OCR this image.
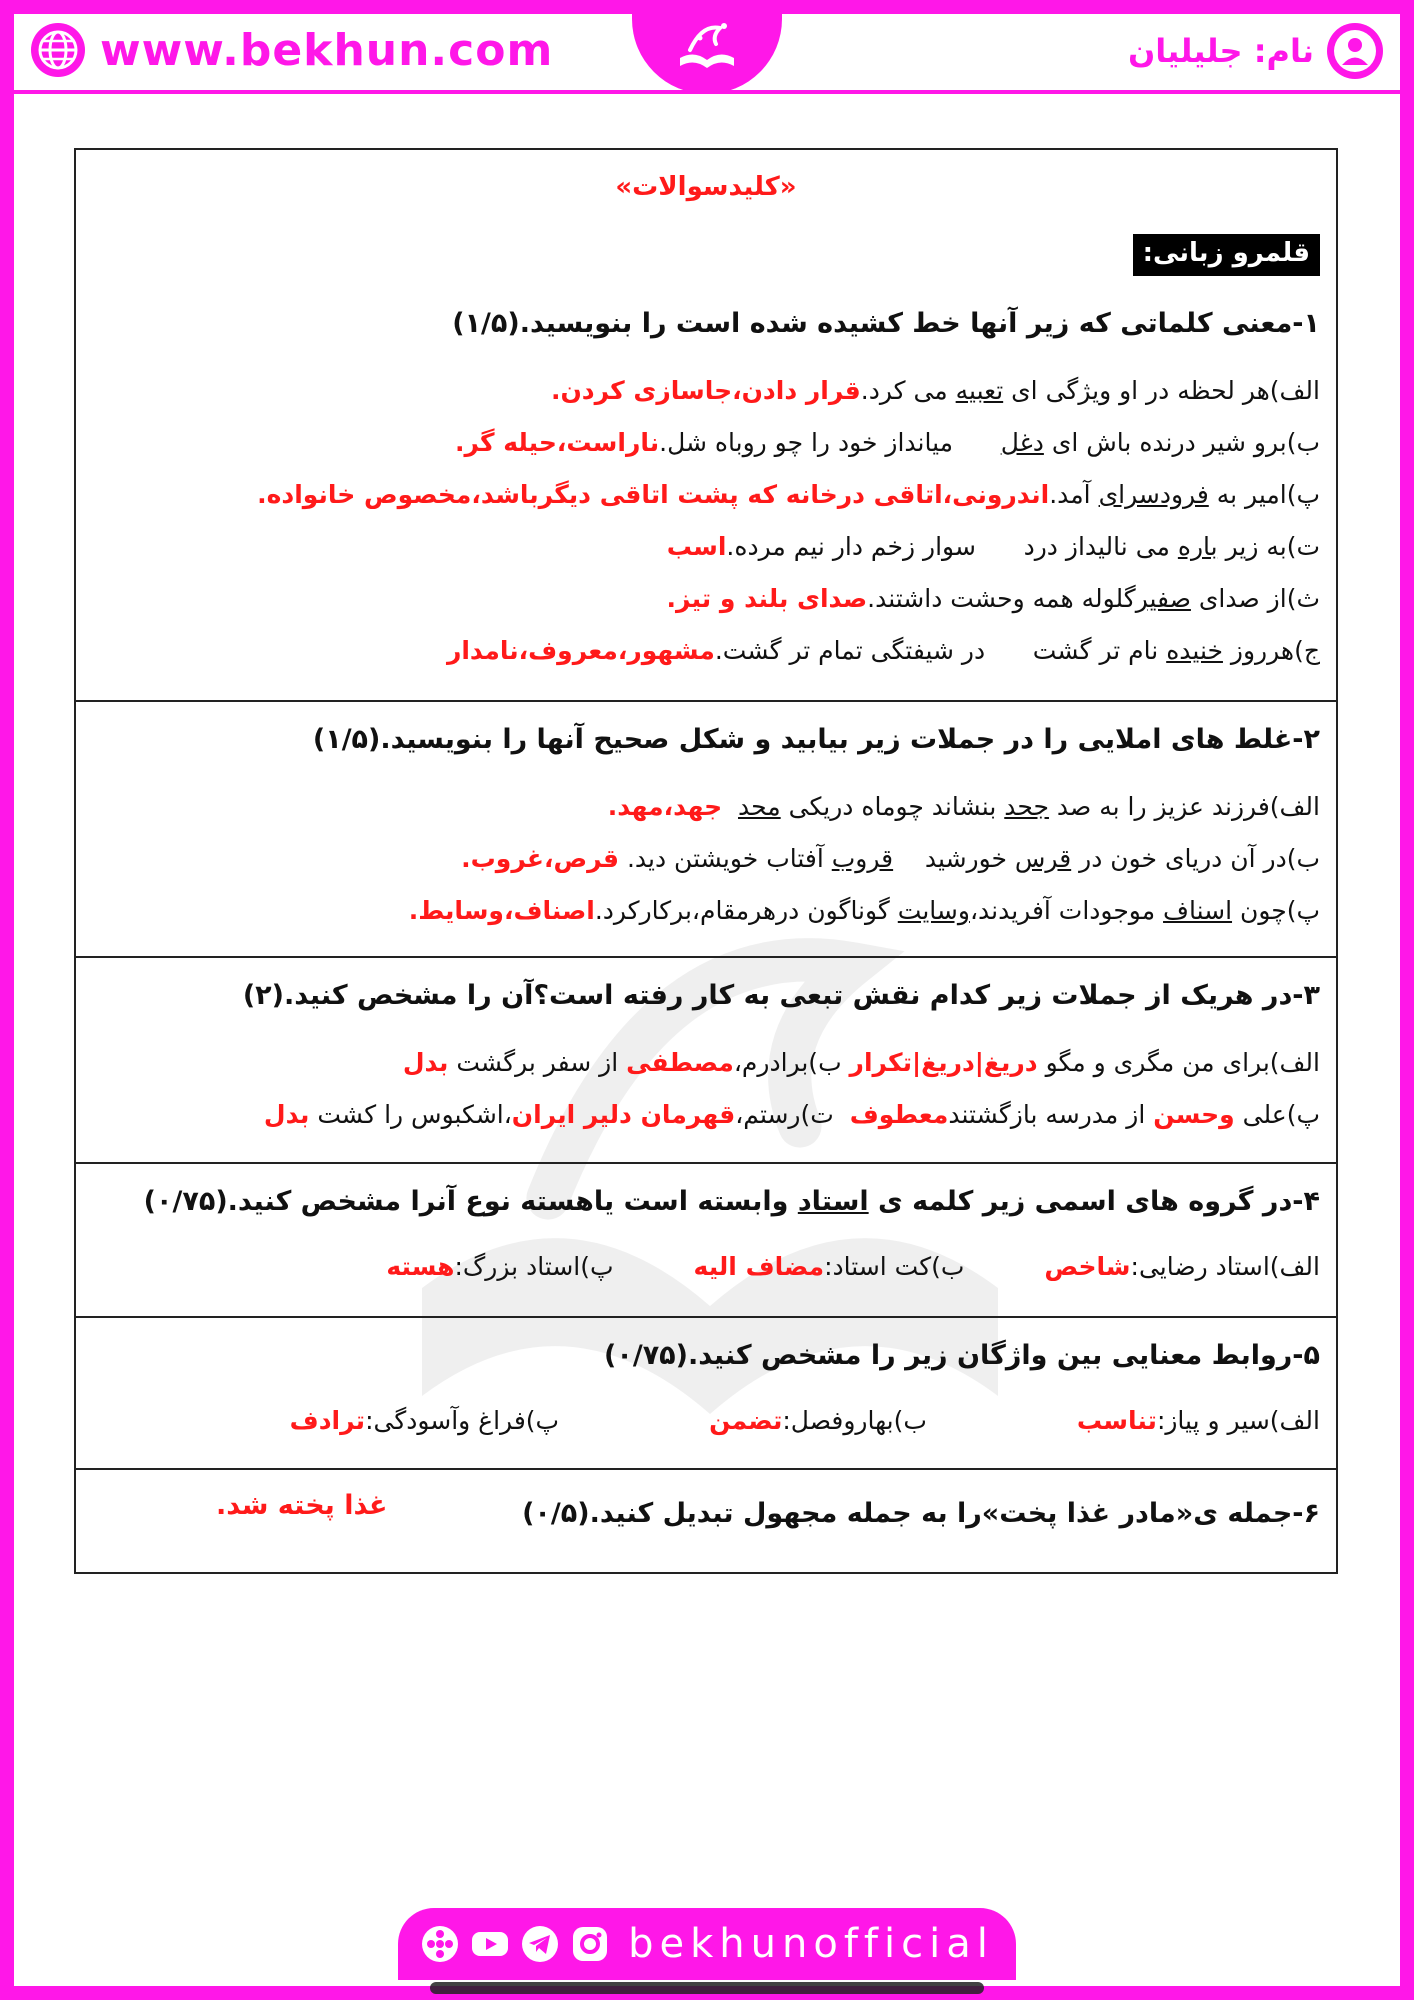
www.bekhun.com	نام: جلیلیان
«کلیدسوالات»
قلمرو زبانی:
۱-معنی کلماتی که زیر آنها خط کشیده شده است را بنویسید.(۱/۵)
الف)هر لحظه در او ویژگی ای تعبیه می کرد.قرار دادن،جاسازی کردن.
ب)برو شیر درنده باش ای دغل      میانداز خود را چو روباه شل.ناراست،حیله گر.
پ)امیر به فرودسرای آمد.اندرونی،اتاقی درخانه که پشت اتاقی دیگرباشد،مخصوص خانواده.
ت)به زیر باره می نالیداز درد      سوار زخم دار نیم مرده.اسب
ث)از صدای صفیرگلوله همه وحشت داشتند.صدای بلند و تیز.
ج)هرروز خنیده نام تر گشت      در شیفتگی تمام تر گشت.مشهور،معروف،نامدار
۲-غلط های املایی را در جملات زیر بیابید و شکل صحیح آنها را بنویسید.(۱/۵)
الف)فرزند عزیز را به صد جحد بنشاند چوماه دریکی محد  جهد،مهد.
ب)در آن دریای خون در قرس خورشید    قروب آفتاب خویشتن دید. قرص،غروب.
پ)چون اسناف موجودات آفریدند،وسایت گوناگون درهرمقام،برکارکرد.اصناف،وسایط.
۳-در هریک از جملات زیر کدام نقش تبعی به کار رفته است؟آن را مشخص کنید.(۲)
الف)برای من مگری و مگو دریغ|دریغ|تکرار ب)برادرم،مصطفی از سفر برگشت بدل
پ)علی وحسن از مدرسه بازگشتندمعطوف  ت)رستم،قهرمان دلیر ایران،اشکبوس را کشت بدل
۴-در گروه های اسمی زیر کلمه ی استاد وابسته است یاهسته نوع آنرا مشخص کنید.(۰/۷۵)
الف)استاد رضایی:شاخصب)کت استاد:مضاف الیهپ)استاد بزرگ:هسته
۵-روابط معنایی بین واژگان زیر را مشخص کنید.(۰/۷۵)
الف)سیر و پیاز:تناسبب)بهاروفصل:تضمنپ)فراغ وآسودگی:ترادف
۶-جمله ی«مادر غذا پخت»را به جمله مجهول تبدیل کنید.(۰/۵)
غذا پخته شد.
bekhunofficial
